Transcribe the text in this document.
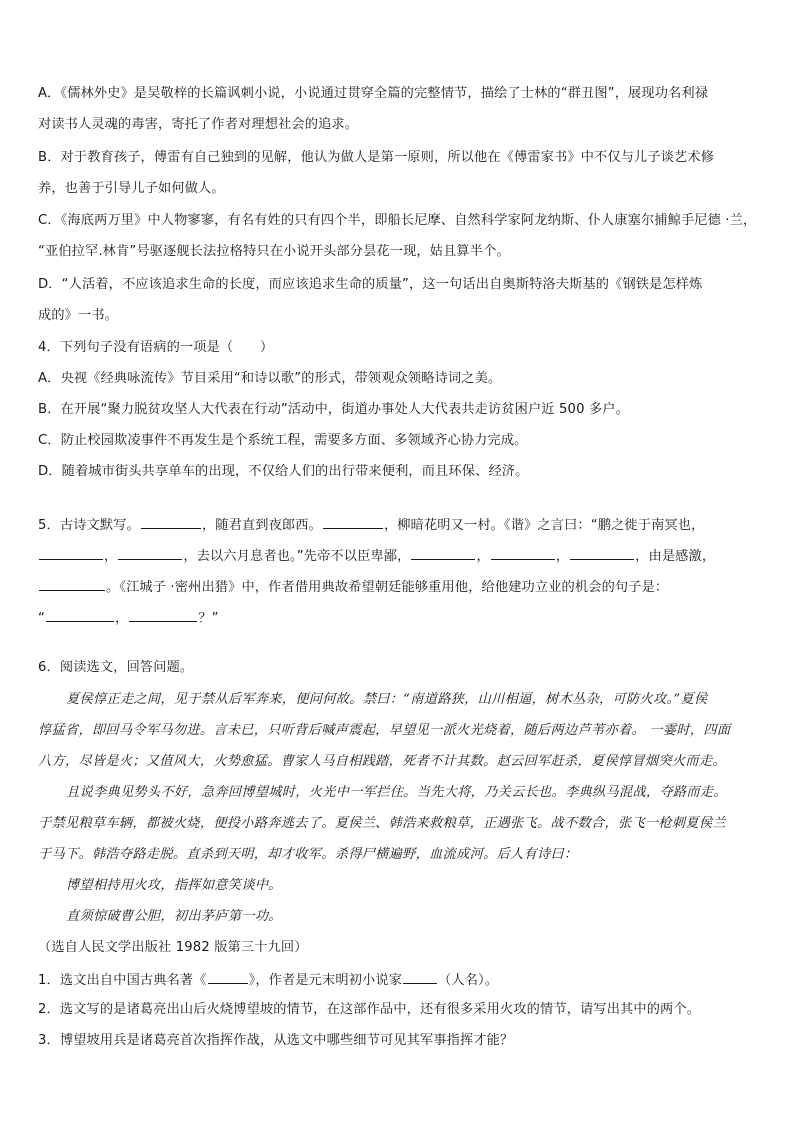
A．《儒林外史》是吴敬梓的长篇讽刺小说，小说通过贯穿全篇的完整情节，描绘了士林的“群丑图”，展现功名利禄
对读书人灵魂的毒害，寄托了作者对理想社会的追求。
B．对于教育孩子，傅雷有自己独到的见解，他认为做人是第一原则，所以他在《傅雷家书》中不仅与儿子谈艺术修
养，也善于引导儿子如何做人。
C．《海底两万里》中人物寥寥，有名有姓的只有四个半，即船长尼摩、自然科学家阿龙纳斯、仆人康塞尔捕鲸手尼德 ·兰，
“亚伯拉罕.林肯”号驱逐舰长法拉格特只在小说开头部分昙花一现，姑且算半个。
D．“人活着，不应该追求生命的长度，而应该追求生命的质量”，这一句话出自奥斯特洛夫斯基的《钢铁是怎样炼
成的》一书。
4．下列句子没有语病的一项是（　　）
A．央视《经典咏流传》节目采用“和诗以歌”的形式，带领观众领略诗词之美。
B．在开展“聚力脱贫攻坚人大代表在行动”活动中，街道办事处人大代表共走访贫困户近 500 多户。
C．防止校园欺凌事件不再发生是个系统工程，需要多方面、多领域齐心协力完成。
D．随着城市街头共享单车的出现，不仅给人们的出行带来便利，而且环保、经济。
5．古诗文默写。	，随君直到夜郎西。	，柳暗花明又一村。《谐》之言曰：“鹏之徙于南冥也，
，	，去以六月息者也。”先帝不以臣卑鄙，	，	，	，由是感激，
。《江城子 ·密州出猎》中，作者借用典故希望朝廷能够重用他，给他建功立业的机会的句子是：
“	，	？”
6．阅读选文，回答问题。
夏侯惇正走之间，见于禁从后军奔来，便问何故。禁曰：“南道路狭，山川相逼，树木丛杂，可防火攻。”夏侯
惇猛省，即回马令军马勿进。言未已，只听背后喊声震起，早望见一派火光烧着，随后两边芦苇亦着。 一霎时，四面
八方，尽皆是火；又值风大，火势愈猛。曹家人马自相践踏，死者不计其数。赵云回军赶杀，夏侯惇冒烟突火而走。
且说李典见势头不好，急奔回博望城时，火光中一军拦住。当先大将，乃关云长也。李典纵马混战，夺路而走。
于禁见粮草车辆，都被火烧，便投小路奔逃去了。夏侯兰、韩浩来救粮草，正遇张飞。战不数合，张飞一枪刺夏侯兰
于马下。韩浩夺路走脱。直杀到天明，却才收军。杀得尸横遍野，血流成河。后人有诗曰：
博望相持用火攻，指挥如意笑谈中。
直须惊破曹公胆，初出茅庐第一功。
（选自人民文学出版社 1982 版第三十九回）
1．选文出自中国古典名著《	》，作者是元末明初小说家	（人名）。
2．选文写的是诸葛亮出山后火烧博望坡的情节，在这部作品中，还有很多采用火攻的情节，请写出其中的两个。
3．博望坡用兵是诸葛亮首次指挥作战，从选文中哪些细节可见其军事指挥才能？
